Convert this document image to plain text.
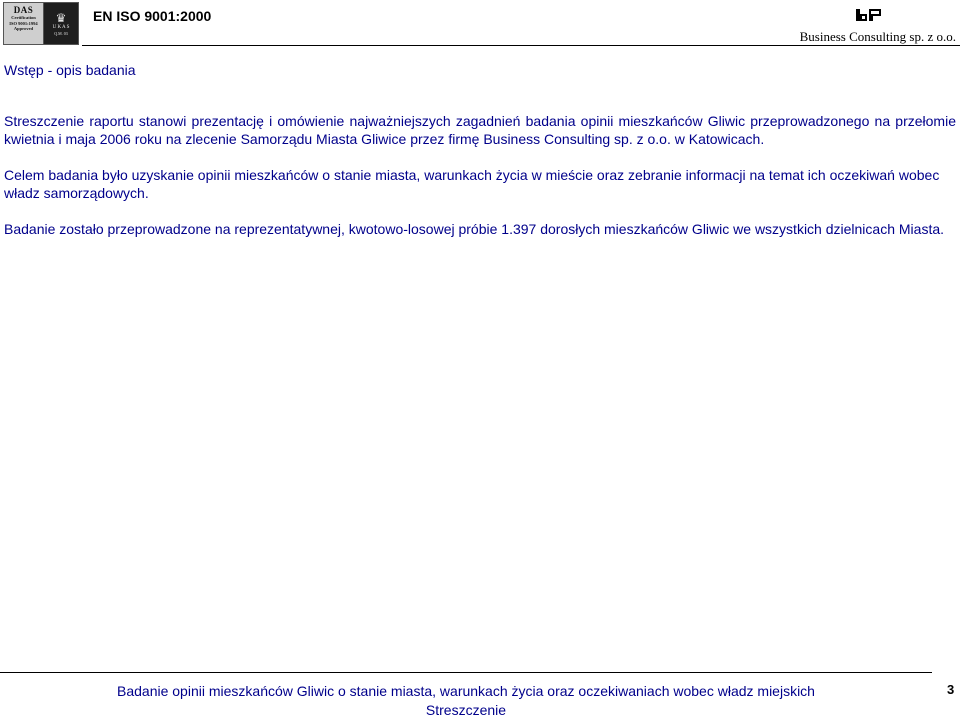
DAS
Certification
ISO 9001:1994
Approved
♛
U K A S
Q.M. 03
EN ISO 9001:2000
Business Consulting sp. z o.o.
Wstęp - opis badania

Streszczenie raportu stanowi prezentację i omówienie najważniejszych zagadnień badania opinii mieszkańców Gliwic przeprowadzonego na przełomie kwietnia i maja 2006 roku na zlecenie Samorządu Miasta Gliwice przez firmę Business Consulting sp. z o.o. w Katowicach.

Celem badania było uzyskanie opinii mieszkańców o stanie miasta, warunkach życia w mieście oraz zebranie informacji na temat ich oczekiwań wobec władz samorządowych.

Badanie zostało przeprowadzone na reprezentatywnej, kwotowo-losowej próbie 1.397 dorosłych mieszkańców Gliwic we wszystkich dzielnicach Miasta.

Badanie opinii mieszkańców Gliwic o stanie miasta, warunkach życia oraz oczekiwaniach wobec władz miejskich
Streszczenie
3
